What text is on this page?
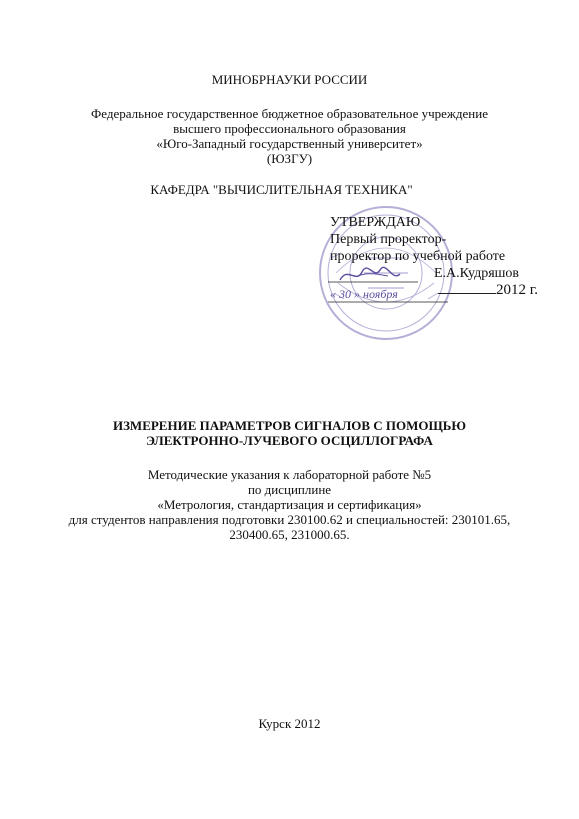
МИНОБРНАУКИ РОССИИ
Федеральное государственное бюджетное образовательное учреждение
высшего профессионального образования
«Юго-Западный государственный университет»
(ЮЗГУ)
КАФЕДРА "ВЫЧИСЛИТЕЛЬНАЯ ТЕХНИКА"
УТВЕРЖДАЮ
Первый проректор-
проректор по учебной работе
Е.А.Кудряшов
2012 г.
« 30 » ноября
ИЗМЕРЕНИЕ ПАРАМЕТРОВ СИГНАЛОВ С ПОМОЩЬЮ
ЭЛЕКТРОННО-ЛУЧЕВОГО ОСЦИЛЛОГРАФА
Методические указания к лабораторной работе №5
по дисциплине
«Метрология, стандартизация и сертификация»
для студентов направления подготовки 230100.62 и специальностей: 230101.65,
230400.65, 231000.65.
Курск 2012
